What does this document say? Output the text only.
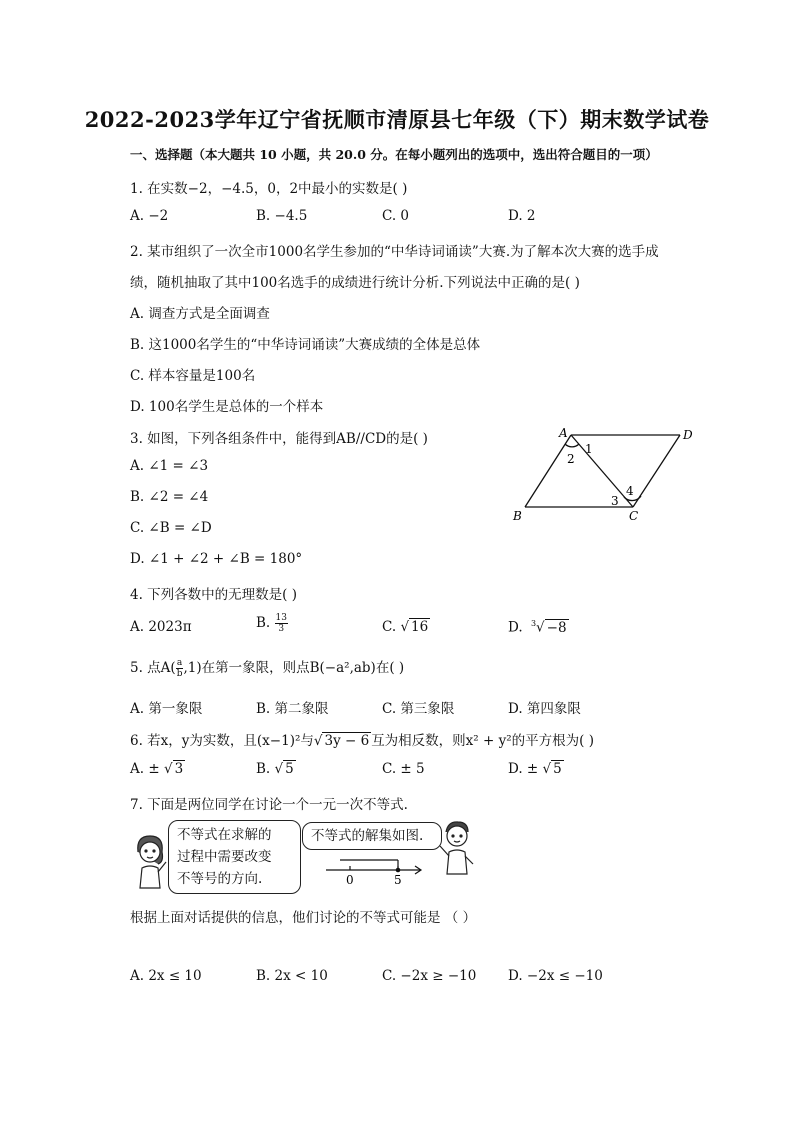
2022-2023学年辽宁省抚顺市清原县七年级（下）期末数学试卷
一、选择题（本大题共 10 小题，共 20.0 分。在每小题列出的选项中，选出符合题目的一项）
1. 在实数−2，−4.5，0，2中最小的实数是( )
A. −2	B. −4.5	C. 0	D. 2
2. 某市组织了一次全市1000名学生参加的“中华诗词诵读”大赛.为了解本次大赛的选手成
绩，随机抽取了其中100名选手的成绩进行统计分析.下列说法中正确的是( )
A. 调查方式是全面调查
B. 这1000名学生的“中华诗词诵读”大赛成绩的全体是总体
C. 样本容量是100名
D. 100名学生是总体的一个样本
3. 如图，下列各组条件中，能得到AB//CD的是( )
A. ∠1 = ∠3
B. ∠2 = ∠4
C. ∠B = ∠D
D. ∠1 + ∠2 + ∠B = 180°
A	D
B	C
1
2
3
4
4. 下列各数中的无理数是( )
A. 2023π	B. $\frac{13}{3}$	C. √ 16	D. $^3$√ −8
5. 点$A( \frac{a}{b} ,1)$在第一象限，则点B(−a²,ab)在( )
A. 第一象限	B. 第二象限	C. 第三象限	D. 第四象限
6. 若x，y为实数，且(x−1)²与√ 3y − 6 互为相反数，则x² + y²的平方根为( )
A. ± √ 3	B. √ 5	C. ± 5	D. ± √ 5
7. 下面是两位同学在讨论一个一元一次不等式.
不等式在求解的
过程中需要改变
不等号的方向.
不等式的解集如图.
0	5
根据上面对话提供的信息，他们讨论的不等式可能是 （ ）
A. 2x ≤ 10	B. 2x < 10	C. −2x ≥ −10 D. −2x ≤ −10
